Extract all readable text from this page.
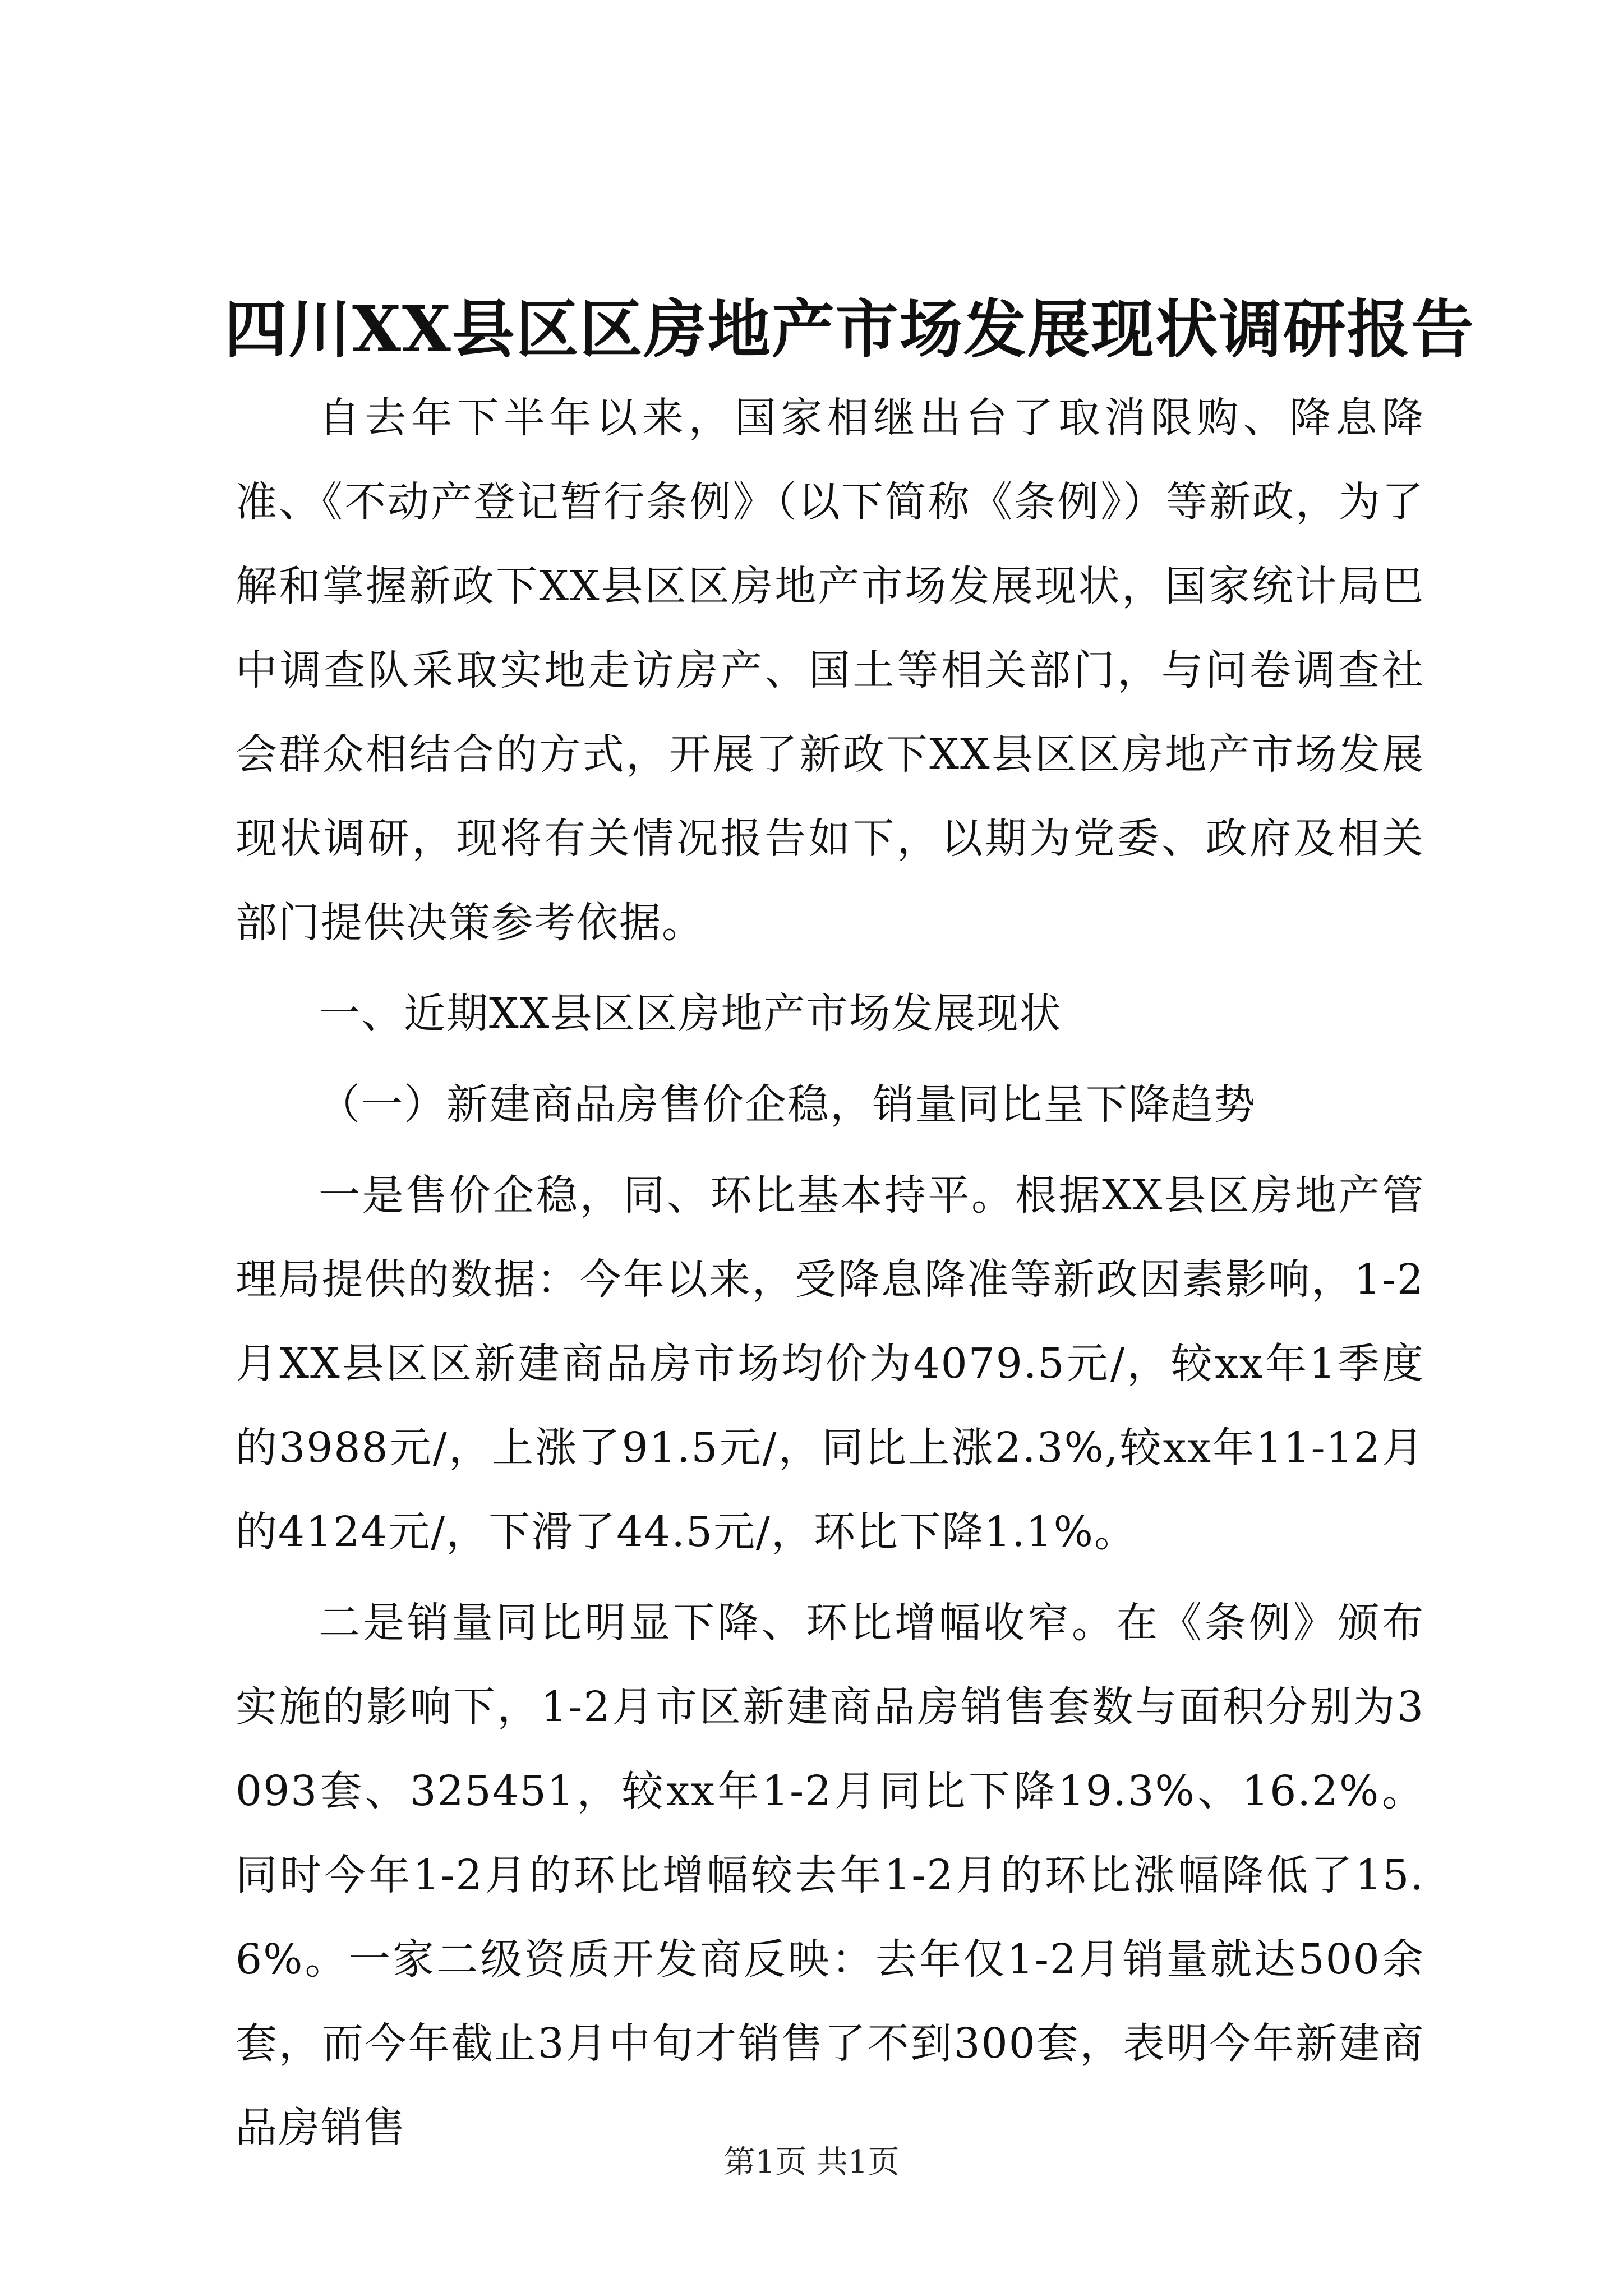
四川XX县区区房地产市场发展现状调研报告

自去年下半年以来，国家相继出台了取消限购、降息降准、《不动产登记暂行条例》（以下简称《条例》）等新政，为了解和掌握新政下XX县区区房地产市场发展现状，国家统计局巴中调查队采取实地走访房产、国土等相关部门，与问卷调查社会群众相结合的方式，开展了新政下XX县区区房地产市场发展现状调研，现将有关情况报告如下，以期为党委、政府及相关部门提供决策参考依据。

一、近期XX县区区房地产市场发展现状

（一）新建商品房售价企稳，销量同比呈下降趋势

一是售价企稳，同、环比基本持平。根据XX县区房地产管理局提供的数据：今年以来，受降息降准等新政因素影响，1-2月XX县区区新建商品房市场均价为4079.5元/，较xx年1季度的3988元/，上涨了91.5元/，同比上涨2.3%,较xx年11-12月的4124元/，下滑了44.5元/，环比下降1.1%。

二是销量同比明显下降、环比增幅收窄。在《条例》颁布实施的影响下，1-2月市区新建商品房销售套数与面积分别为3093套、325451，较xx年1-2月同比下降19.3%、16.2%。同时今年1-2月的环比增幅较去年1-2月的环比涨幅降低了15.6%。一家二级资质开发商反映：去年仅1-2月销量就达500余套，而今年截止3月中旬才销售了不到300套，表明今年新建商品房销售

第1页 共1页
